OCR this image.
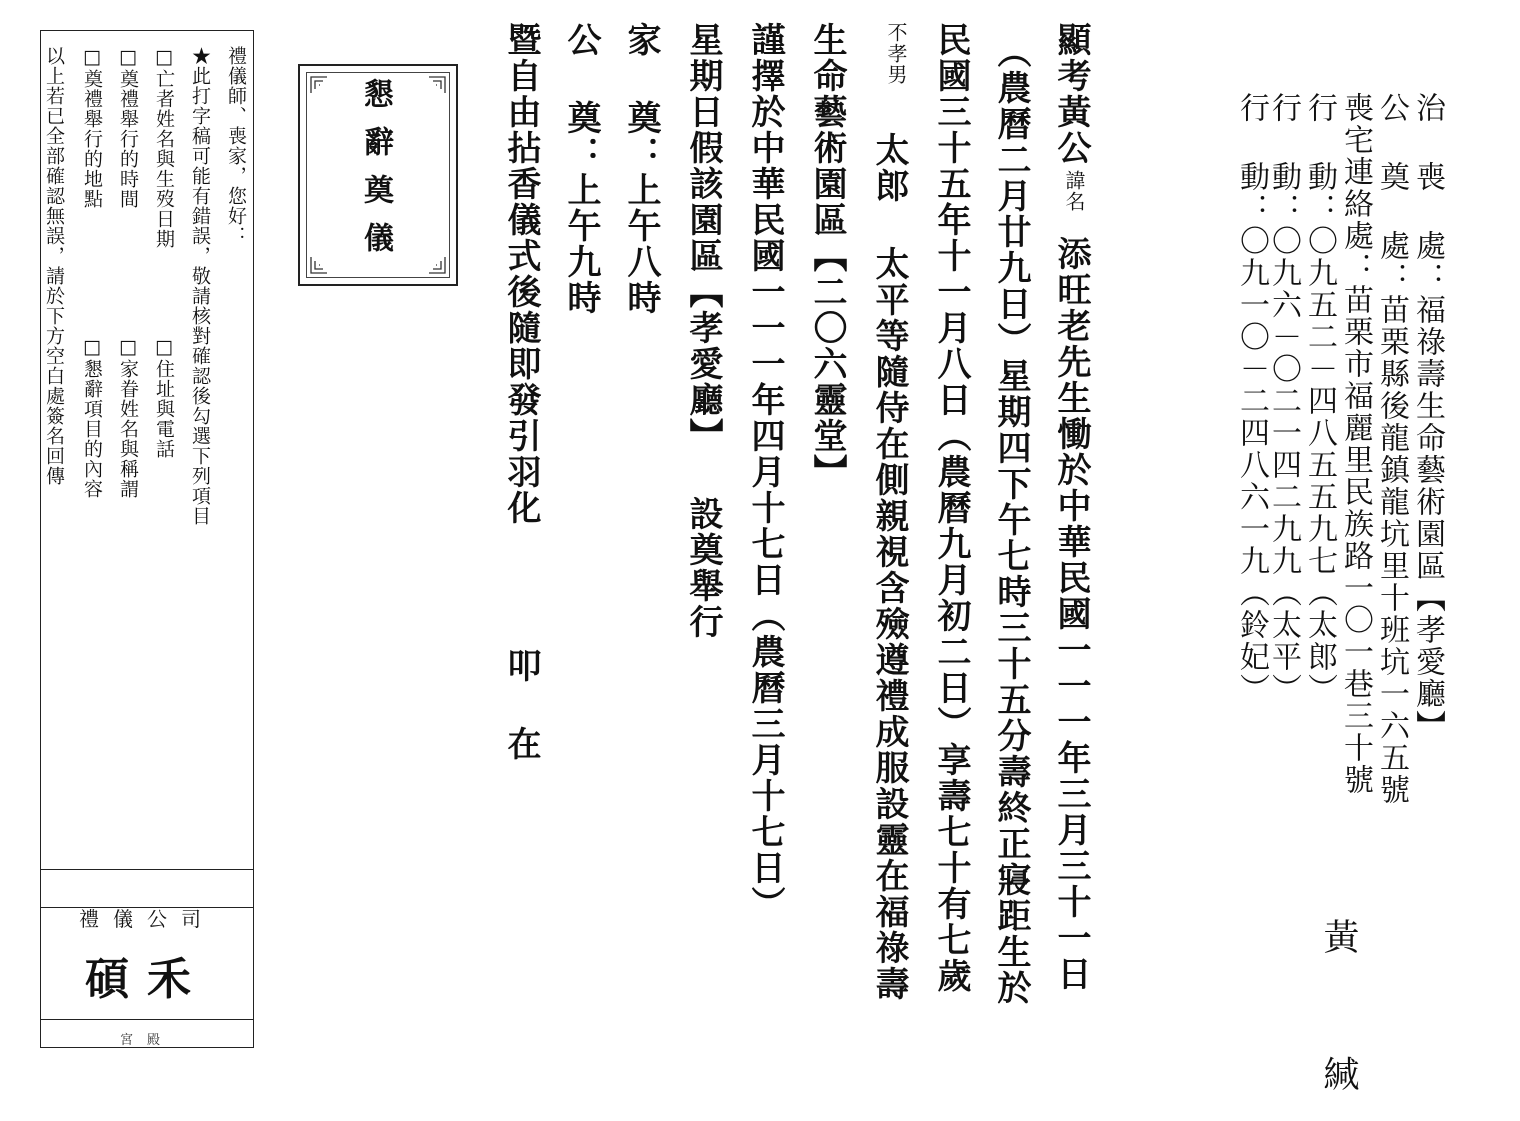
禮儀公司
碩禾
宮殿
禮儀師、喪家，您好：
★此打字稿可能有錯誤，敬請核對確認後勾選下列項目
□亡者姓名與生歿日期
□住址與電話
□奠禮舉行的時間
□家眷姓名與稱謂
□奠禮舉行的地點
□懇辭項目的內容
以上若已全部確認無誤，請於下方空白處簽名回傳	懇辭奠儀	顯考黃公
諱名
添旺老先生慟於中華民國一一一年三月三十一日
（農曆二月廿九日）星期四下午七時三十五分壽終正寢距生於
民國三十五年十一月八日（農曆九月初二日）享壽七十有七歲
不孝男
太郎 太平等隨侍在側親視含殮遵禮成服設靈在福祿壽
生命藝術園區【二〇六靈堂】
謹擇於中華民國一一一年四月十七日（農曆三月十七日）
星期日假該園區【孝愛廳】 設奠舉行
家 奠：上午八時
公 奠：上午九時
暨自由拈香儀式後隨即發引羽化
叩在	治 喪 處：福祿壽生命藝術園區【孝愛廳】
公 奠 處：苗栗縣後龍鎮龍坑里十班坑一六五號
喪宅連絡處：苗栗市福麗里民族路一〇一巷三十號
行 動：〇九五二－四八五五九七（太郎）
行 動：〇九六－〇二一四二九九（太平）
行 動：〇九一〇－二四八六一九（鈴妃）
黃 緘
